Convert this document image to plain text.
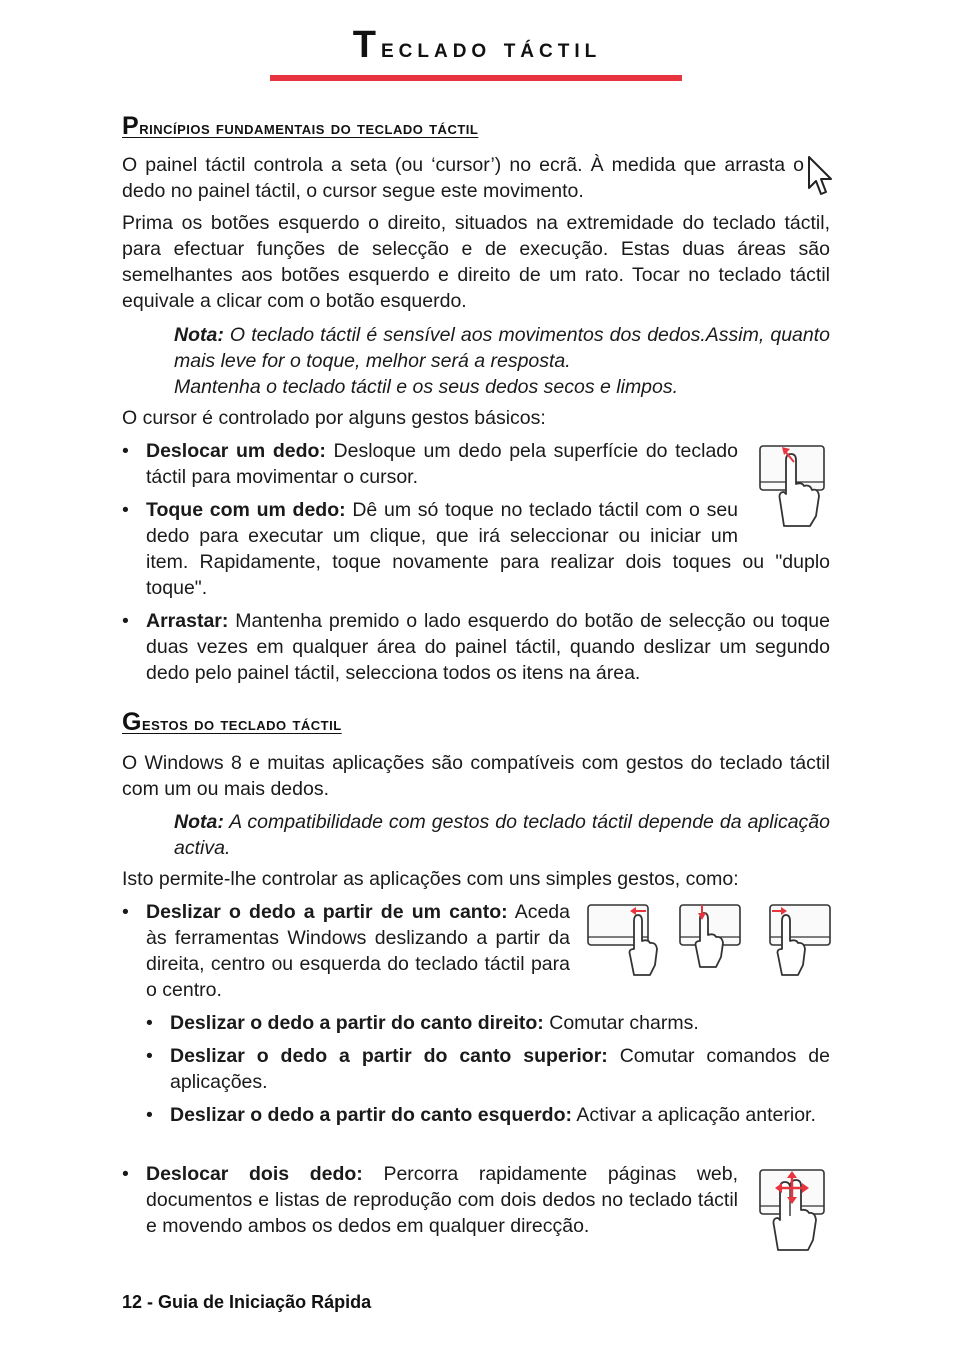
Teclado táctil
Princípios fundamentais do teclado táctil
O painel táctil controla a seta (ou ‘cursor’) no ecrã. À medida que arrasta o dedo no painel táctil, o cursor segue este movimento.
Prima os botões esquerdo o direito, situados na extremidade do teclado táctil, para efectuar funções de selecção e de execução. Estas duas áreas são semelhantes aos botões esquerdo e direito de um rato. Tocar no teclado táctil equivale a clicar com o botão esquerdo.
Nota: O teclado táctil é sensível aos movimentos dos dedos.Assim, quanto mais leve for o toque, melhor será a resposta.
Mantenha o teclado táctil e os seus dedos secos e limpos.
O cursor é controlado por alguns gestos básicos:
• Deslocar um dedo: Desloque um dedo pela superfície do teclado táctil para movimentar o cursor.
• Toque com um dedo: Dê um só toque no teclado táctil com o seu dedo para executar um clique, que irá seleccionar ou iniciar um item. Rapidamente, toque novamente para realizar dois toques ou "duplo toque".
• Arrastar: Mantenha premido o lado esquerdo do botão de selecção ou toque duas vezes em qualquer área do painel táctil, quando deslizar um segundo dedo pelo painel táctil, selecciona todos os itens na área.
Gestos do teclado táctil
O Windows 8 e muitas aplicações são compatíveis com gestos do teclado táctil com um ou mais dedos.
Nota: A compatibilidade com gestos do teclado táctil depende da aplicação activa.
Isto permite-lhe controlar as aplicações com uns simples gestos, como:
• Deslizar o dedo a partir de um canto: Aceda às ferramentas Windows deslizando a partir da direita, centro ou esquerda do teclado táctil para o centro.
• Deslizar o dedo a partir do canto direito: Comutar charms.
• Deslizar o dedo a partir do canto superior: Comutar comandos de aplicações.
• Deslizar o dedo a partir do canto esquerdo: Activar a aplicação anterior.
• Deslocar dois dedo: Percorra rapidamente páginas web, documentos e listas de reprodução com dois dedos no teclado táctil e movendo ambos os dedos em qualquer direcção.
12 - Guia de Iniciação Rápida
